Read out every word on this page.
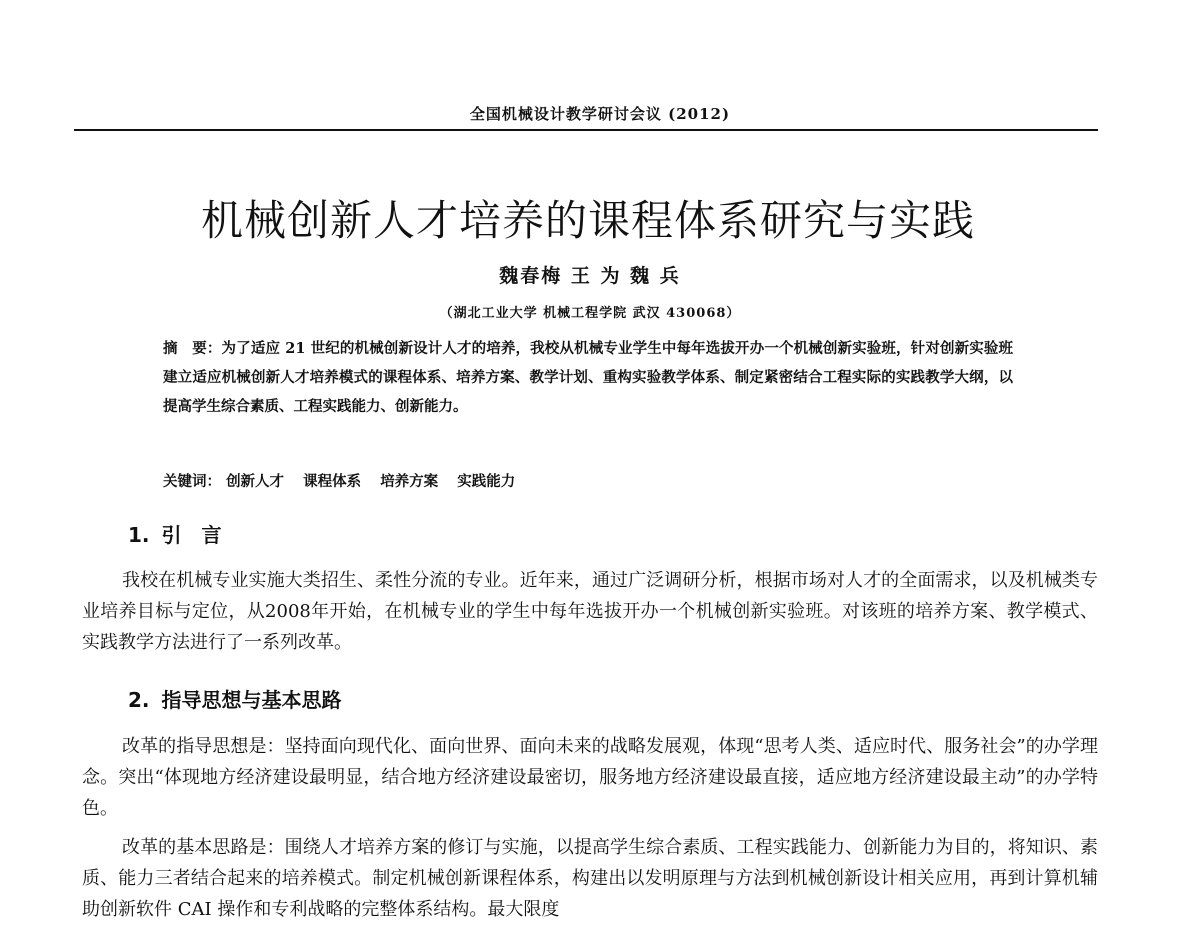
全国机械设计教学研讨会议 (2012)
机械创新人才培养的课程体系研究与实践
魏春梅 王 为 魏 兵
（湖北工业大学 机械工程学院 武汉 430068）
摘　要：为了适应 21 世纪的机械创新设计人才的培养，我校从机械专业学生中每年选拔开办一个机械创新实验班，针对创新实验班建立适应机械创新人才培养模式的课程体系、培养方案、教学计划、重构实验教学体系、制定紧密结合工程实际的实践教学大纲，以提高学生综合素质、工程实践能力、创新能力。
关键词： 创新人才 课程体系 培养方案 实践能力
1. 引　言
我校在机械专业实施大类招生、柔性分流的专业。近年来，通过广泛调研分析，根据市场对人才的全面需求，以及机械类专业培养目标与定位，从2008年开始，在机械专业的学生中每年选拔开办一个机械创新实验班。对该班的培养方案、教学模式、实践教学方法进行了一系列改革。
2. 指导思想与基本思路
改革的指导思想是：坚持面向现代化、面向世界、面向未来的战略发展观，体现“思考人类、适应时代、服务社会”的办学理念。突出“体现地方经济建设最明显，结合地方经济建设最密切，服务地方经济建设最直接，适应地方经济建设最主动”的办学特色。
改革的基本思路是：围绕人才培养方案的修订与实施，以提高学生综合素质、工程实践能力、创新能力为目的，将知识、素质、能力三者结合起来的培养模式。制定机械创新课程体系，构建出以发明原理与方法到机械创新设计相关应用，再到计算机辅助创新软件 CAI 操作和专利战略的完整体系结构。最大限度
